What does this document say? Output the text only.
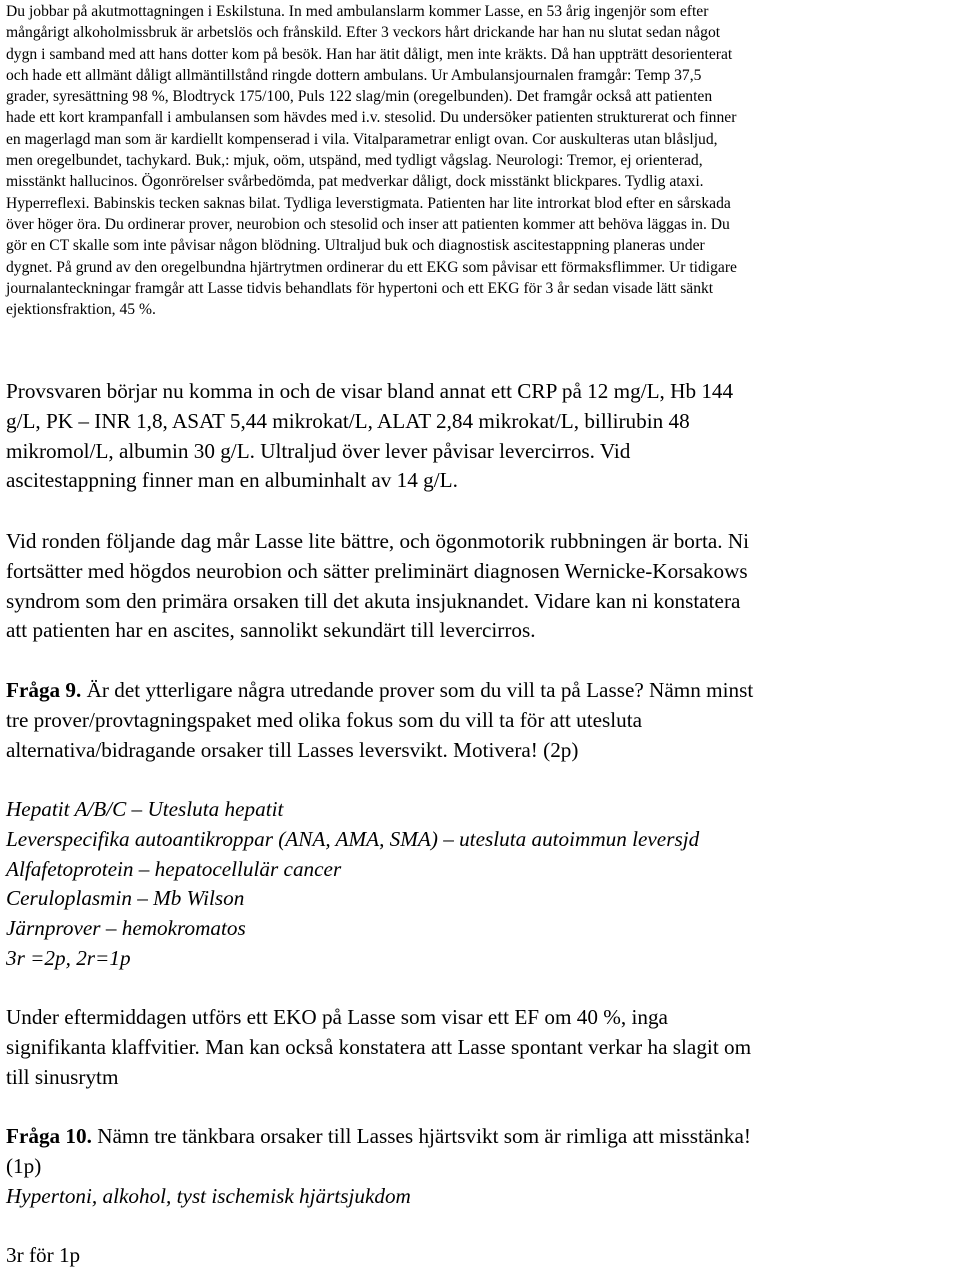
Du jobbar på akutmottagningen i Eskilstuna. In med ambulanslarm kommer Lasse, en 53 årig ingenjör som efter
mångårigt alkoholmissbruk är arbetslös och frånskild. Efter 3 veckors hårt drickande har han nu slutat sedan något
dygn i samband med att hans dotter kom på besök. Han har ätit dåligt, men inte kräkts. Då han uppträtt desorienterat
och hade ett allmänt dåligt allmäntillstånd ringde dottern ambulans. Ur Ambulansjournalen framgår: Temp 37,5
grader, syresättning 98 %, Blodtryck 175/100, Puls 122 slag/min (oregelbunden). Det framgår också att patienten
hade ett kort krampanfall i ambulansen som hävdes med i.v. stesolid. Du undersöker patienten strukturerat och finner
en magerlagd man som är kardiellt kompenserad i vila. Vitalparametrar enligt ovan. Cor auskulteras utan blåsljud,
men oregelbundet, tachykard. Buk,: mjuk, oöm, utspänd, med tydligt vågslag. Neurologi: Tremor, ej orienterad,
misstänkt hallucinos. Ögonrörelser svårbedömda, pat medverkar dåligt, dock misstänkt blickpares. Tydlig ataxi.
Hyperreflexi. Babinskis tecken saknas bilat. Tydliga leverstigmata. Patienten har lite introrkat blod efter en sårskada
över höger öra. Du ordinerar prover, neurobion och stesolid och inser att patienten kommer att behöva läggas in. Du
gör en CT skalle som inte påvisar någon blödning. Ultraljud buk och diagnostisk ascitestappning planeras under
dygnet. På grund av den oregelbundna hjärtrytmen ordinerar du ett EKG som påvisar ett förmaksflimmer. Ur tidigare
journalanteckningar framgår att Lasse tidvis behandlats för hypertoni och ett EKG för 3 år sedan visade lätt sänkt
ejektionsfraktion, 45 %.
Provsvaren börjar nu komma in och de visar bland annat ett CRP på 12 mg/L, Hb 144
g/L, PK – INR 1,8, ASAT 5,44 mikrokat/L, ALAT 2,84 mikrokat/L, billirubin 48
mikromol/L, albumin 30 g/L. Ultraljud över lever påvisar levercirros. Vid
ascitestappning finner man en albuminhalt av 14 g/L.
Vid ronden följande dag mår Lasse lite bättre, och ögonmotorik rubbningen är borta. Ni
fortsätter med högdos neurobion och sätter preliminärt diagnosen Wernicke-Korsakows
syndrom som den primära orsaken till det akuta insjuknandet. Vidare kan ni konstatera
att patienten har en ascites, sannolikt sekundärt till levercirros.
Fråga 9. Är det ytterligare några utredande prover som du vill ta på Lasse? Nämn minst
tre prover/provtagningspaket med olika fokus som du vill ta för att utesluta
alternativa/bidragande orsaker till Lasses leversvikt. Motivera! (2p)
Hepatit A/B/C – Utesluta hepatit
Leverspecifika autoantikroppar (ANA, AMA, SMA) – utesluta autoimmun leversjd
Alfafetoprotein – hepatocellulär cancer
Ceruloplasmin – Mb Wilson
Järnprover – hemokromatos
3r =2p, 2r=1p
Under eftermiddagen utförs ett EKO på Lasse som visar ett EF om 40 %, inga
signifikanta klaffvitier. Man kan också konstatera att Lasse spontant verkar ha slagit om
till sinusrytm
Fråga 10. Nämn tre tänkbara orsaker till Lasses hjärtsvikt som är rimliga att misstänka!
(1p)
Hypertoni, alkohol, tyst ischemisk hjärtsjukdom
3r för 1p
